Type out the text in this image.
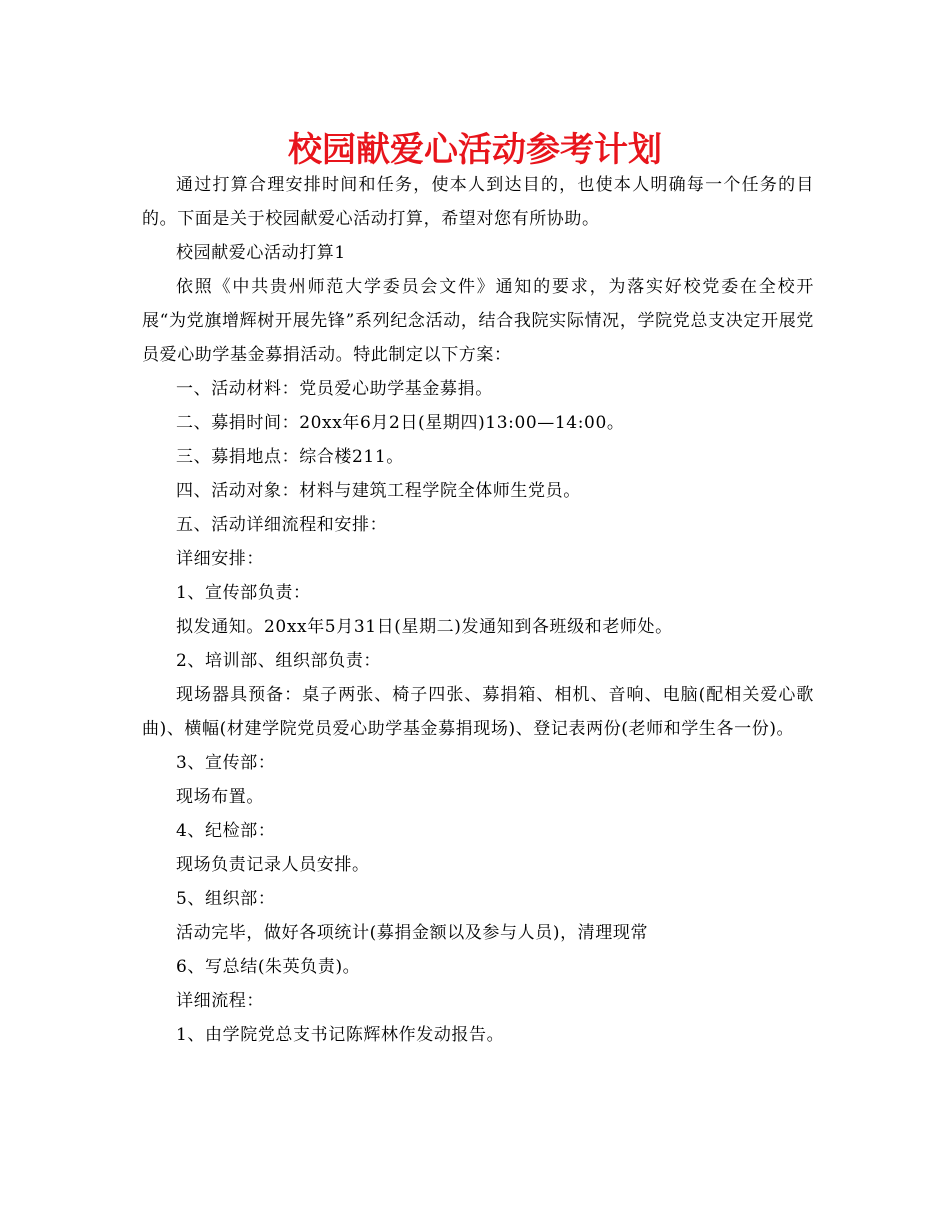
校园献爱心活动参考计划

通过打算合理安排时间和任务，使本人到达目的，也使本人明确每一个任务的目的。下面是关于校园献爱心活动打算，希望对您有所协助。

校园献爱心活动打算1

依照《中共贵州师范大学委员会文件》通知的要求，为落实好校党委在全校开展“为党旗增辉树开展先锋”系列纪念活动，结合我院实际情况，学院党总支决定开展党员爱心助学基金募捐活动。特此制定以下方案：

一、活动材料：党员爱心助学基金募捐。

二、募捐时间：20xx年6月2日(星期四)13:00—14:00。

三、募捐地点：综合楼211。

四、活动对象：材料与建筑工程学院全体师生党员。

五、活动详细流程和安排：

详细安排：

1、宣传部负责：

拟发通知。20xx年5月31日(星期二)发通知到各班级和老师处。

2、培训部、组织部负责：

现场器具预备：桌子两张、椅子四张、募捐箱、相机、音响、电脑(配相关爱心歌曲)、横幅(材建学院党员爱心助学基金募捐现场)、登记表两份(老师和学生各一份)。

3、宣传部：

现场布置。

4、纪检部：

现场负责记录人员安排。

5、组织部：

活动完毕，做好各项统计(募捐金额以及参与人员)，清理现常

6、写总结(朱英负责)。

详细流程：

1、由学院党总支书记陈辉林作发动报告。
